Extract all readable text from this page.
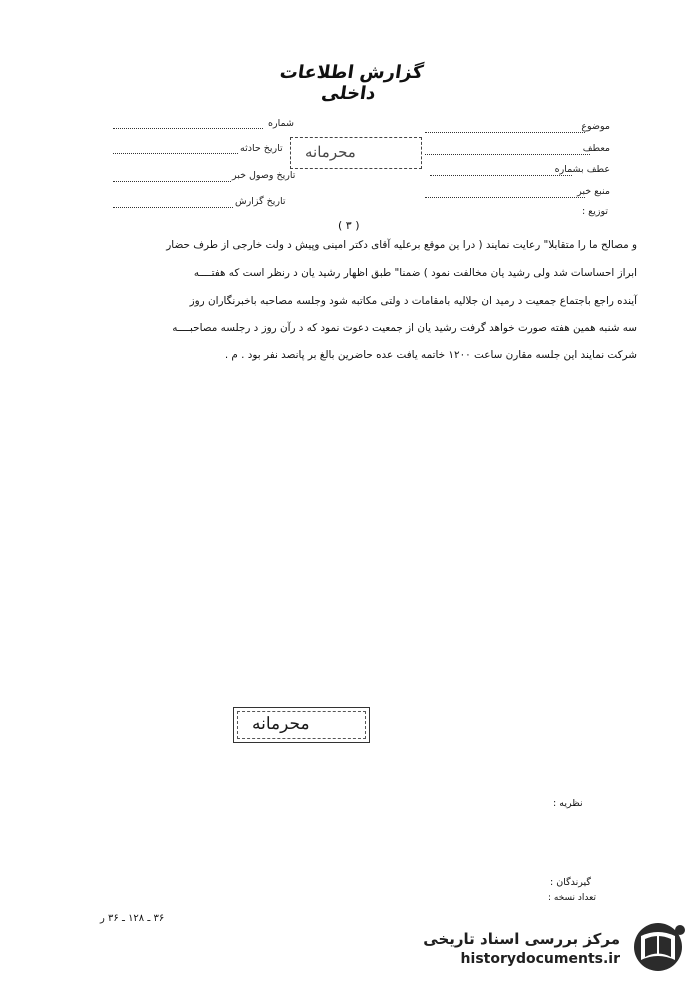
گزارش اطلاعات داخلی
موضوع
معطف
عطف بشماره
منبع خبر
توزیع :
شماره
تاریخ حادثه
تاریخ وصول خبر
تاریخ گزارش
محرمانه
( ۳ )
و مصالح ما را متقابلا" رعایت نمایند ( درا ین موقع برعلیه آقای دکتر امینی وپیش د ولت خارجی از طرف حضار
ابراز احساسات شد ولی رشید یان مخالفت نمود ) ضمنا" طبق اظهار رشید یان د رنظر است که هفتــــه
آینده راجع باجتماع جمعیت د رمید ان جلالیه بامقامات د ولتی مکاتبه شود وجلسه مصاحبه باخبرنگاران روز
سه شنبه همین هفته صورت خواهد گرفت رشید یان از جمعیت دعوت نمود که د رآن روز د رجلسه مصاحبــــه
شرکت نمایند این جلسه مقارن ساعت ۱۲۰۰ خاتمه یافت عده حاضرین بالغ بر پانصد نفر بود . م .
محرمانه
نظریه :
گیرندگان :
تعداد نسخه :
۳۶ ـ ۱۲۸ ـ ۳۶ ر
مرکز بررسی اسناد تاریخی
historydocuments.ir
